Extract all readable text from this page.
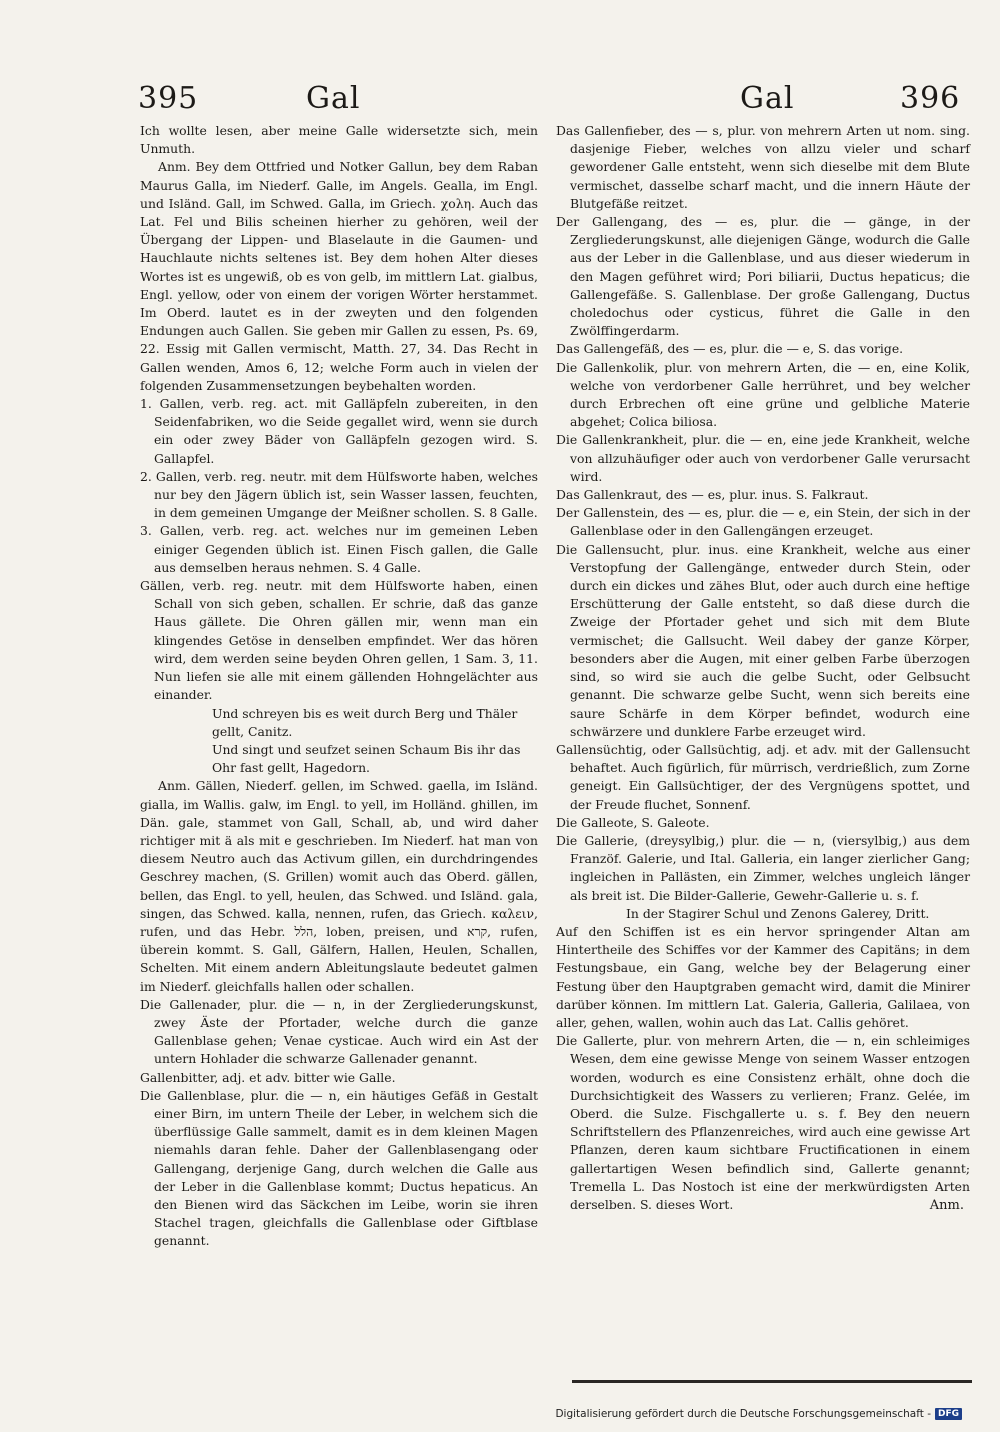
395	Gal	Gal	396

Ich wollte lesen, aber meine Galle widersetzte sich, mein Unmuth.

Anm. Bey dem Ottfried und Notker Gallun, bey dem Raban Maurus Galla, im Niederf. Galle, im Angels. Gealla, im Engl. und Isländ. Gall, im Schwed. Galla, im Griech. χολη. Auch das Lat. Fel und Bilis scheinen hierher zu gehören, weil der Übergang der Lippen- und Blaselaute in die Gaumen- und Hauchlaute nichts seltenes ist. Bey dem hohen Alter dieses Wortes ist es ungewiß, ob es von gelb, im mittlern Lat. gialbus, Engl. yellow, oder von einem der vorigen Wörter herstammet. Im Oberd. lautet es in der zweyten und den folgenden Endungen auch Gallen. Sie geben mir Gallen zu essen, Ps. 69, 22. Essig mit Gallen vermischt, Matth. 27, 34. Das Recht in Gallen wenden, Amos 6, 12; welche Form auch in vielen der folgenden Zusammensetzungen beybehalten worden.

1. Gallen, verb. reg. act. mit Galläpfeln zubereiten, in den Seidenfabriken, wo die Seide gegallet wird, wenn sie durch ein oder zwey Bäder von Galläpfeln gezogen wird. S. Gallapfel.

2. Gallen, verb. reg. neutr. mit dem Hülfsworte haben, welches nur bey den Jägern üblich ist, sein Wasser lassen, feuchten, in dem gemeinen Umgange der Meißner schollen. S. 8 Galle.

3. Gallen, verb. reg. act. welches nur im gemeinen Leben einiger Gegenden üblich ist. Einen Fisch gallen, die Galle aus demselben heraus nehmen. S. 4 Galle.

Gällen, verb. reg. neutr. mit dem Hülfsworte haben, einen Schall von sich geben, schallen. Er schrie, daß das ganze Haus gällete. Die Ohren gällen mir, wenn man ein klingendes Getöse in denselben empfindet. Wer das hören wird, dem werden seine beyden Ohren gellen, 1 Sam. 3, 11. Nun liefen sie alle mit einem gällenden Hohngelächter aus einander.

Und schreyen bis es weit durch Berg und Thäler gellt, Canitz.

Und singt und seufzet seinen Schaum Bis ihr das Ohr fast gellt, Hagedorn.

Anm. Gällen, Niederf. gellen, im Schwed. gaella, im Isländ. gialla, im Wallis. galw, im Engl. to yell, im Holländ. ghillen, im Dän. gale, stammet von Gall, Schall, ab, und wird daher richtiger mit ä als mit e geschrieben. Im Niederf. hat man von diesem Neutro auch das Activum gillen, ein durchdringendes Geschrey machen, (S. Grillen) womit auch das Oberd. gällen, bellen, das Engl. to yell, heulen, das Schwed. und Isländ. gala, singen, das Schwed. kalla, nennen, rufen, das Griech. καλειν, rufen, und das Hebr. הלל, loben, preisen, und קרא, rufen, überein kommt. S. Gall, Gälfern, Hallen, Heulen, Schallen, Schelten. Mit einem andern Ableitungslaute bedeutet galmen im Niederf. gleichfalls hallen oder schallen.

Die Gallenader, plur. die — n, in der Zergliederungskunst, zwey Äste der Pfortader, welche durch die ganze Gallenblase gehen; Venae cysticae. Auch wird ein Ast der untern Hohlader die schwarze Gallenader genannt.

Gallenbitter, adj. et adv. bitter wie Galle.

Die Gallenblase, plur. die — n, ein häutiges Gefäß in Gestalt einer Birn, im untern Theile der Leber, in welchem sich die überflüssige Galle sammelt, damit es in dem kleinen Magen niemahls daran fehle. Daher der Gallenblasengang oder Gallengang, derjenige Gang, durch welchen die Galle aus der Leber in die Gallenblase kommt; Ductus hepaticus. An den Bienen wird das Säckchen im Leibe, worin sie ihren Stachel tragen, gleichfalls die Gallenblase oder Giftblase genannt.

Das Gallenfieber, des — s, plur. von mehrern Arten ut nom. sing. dasjenige Fieber, welches von allzu vieler und scharf gewordener Galle entsteht, wenn sich dieselbe mit dem Blute vermischet, dasselbe scharf macht, und die innern Häute der Blutgefäße reitzet.

Der Gallengang, des — es, plur. die — gänge, in der Zergliederungskunst, alle diejenigen Gänge, wodurch die Galle aus der Leber in die Gallenblase, und aus dieser wiederum in den Magen geführet wird; Pori biliarii, Ductus hepaticus; die Gallengefäße. S. Gallenblase. Der große Gallengang, Ductus choledochus oder cysticus, führet die Galle in den Zwölffingerdarm.

Das Gallengefäß, des — es, plur. die — e, S. das vorige.

Die Gallenkolik, plur. von mehrern Arten, die — en, eine Kolik, welche von verdorbener Galle herrühret, und bey welcher durch Erbrechen oft eine grüne und gelbliche Materie abgehet; Colica biliosa.

Die Gallenkrankheit, plur. die — en, eine jede Krankheit, welche von allzuhäufiger oder auch von verdorbener Galle verursacht wird.

Das Gallenkraut, des — es, plur. inus. S. Falkraut.

Der Gallenstein, des — es, plur. die — e, ein Stein, der sich in der Gallenblase oder in den Gallengängen erzeuget.

Die Gallensucht, plur. inus. eine Krankheit, welche aus einer Verstopfung der Gallengänge, entweder durch Stein, oder durch ein dickes und zähes Blut, oder auch durch eine heftige Erschütterung der Galle entsteht, so daß diese durch die Zweige der Pfortader gehet und sich mit dem Blute vermischet; die Gallsucht. Weil dabey der ganze Körper, besonders aber die Augen, mit einer gelben Farbe überzogen sind, so wird sie auch die gelbe Sucht, oder Gelbsucht genannt. Die schwarze gelbe Sucht, wenn sich bereits eine saure Schärfe in dem Körper befindet, wodurch eine schwärzere und dunklere Farbe erzeuget wird.

Gallensüchtig, oder Gallsüchtig, adj. et adv. mit der Gallensucht behaftet. Auch figürlich, für mürrisch, verdrießlich, zum Zorne geneigt. Ein Gallsüchtiger, der des Vergnügens spottet, und der Freude fluchet, Sonnenf.

Die Galleote, S. Galeote.

Die Gallerie, (dreysylbig,) plur. die — n, (viersylbig,) aus dem Franzöf. Galerie, und Ital. Galleria, ein langer zierlicher Gang; ingleichen in Pallästen, ein Zimmer, welches ungleich länger als breit ist. Die Bilder-Gallerie, Gewehr-Gallerie u. s. f.

In der Stagirer Schul und Zenons Galerey, Dritt.

Auf den Schiffen ist es ein hervor springender Altan am Hintertheile des Schiffes vor der Kammer des Capitäns; in dem Festungsbaue, ein Gang, welche bey der Belagerung einer Festung über den Hauptgraben gemacht wird, damit die Minirer darüber können. Im mittlern Lat. Galeria, Galleria, Galilaea, von aller, gehen, wallen, wohin auch das Lat. Callis gehöret.

Die Gallerte, plur. von mehrern Arten, die — n, ein schleimiges Wesen, dem eine gewisse Menge von seinem Wasser entzogen worden, wodurch es eine Consistenz erhält, ohne doch die Durchsichtigkeit des Wassers zu verlieren; Franz. Gelée, im Oberd. die Sulze. Fischgallerte u. s. f. Bey den neuern Schriftstellern des Pflanzenreiches, wird auch eine gewisse Art Pflanzen, deren kaum sichtbare Fructificationen in einem gallertartigen Wesen befindlich sind, Gallerte genannt; Tremella L. Das Nostoch ist eine der merkwürdigsten Arten derselben. S. dieses Wort.	Anm.
Digitalisierung gefördert durch die Deutsche Forschungsgemeinschaft - DFG
